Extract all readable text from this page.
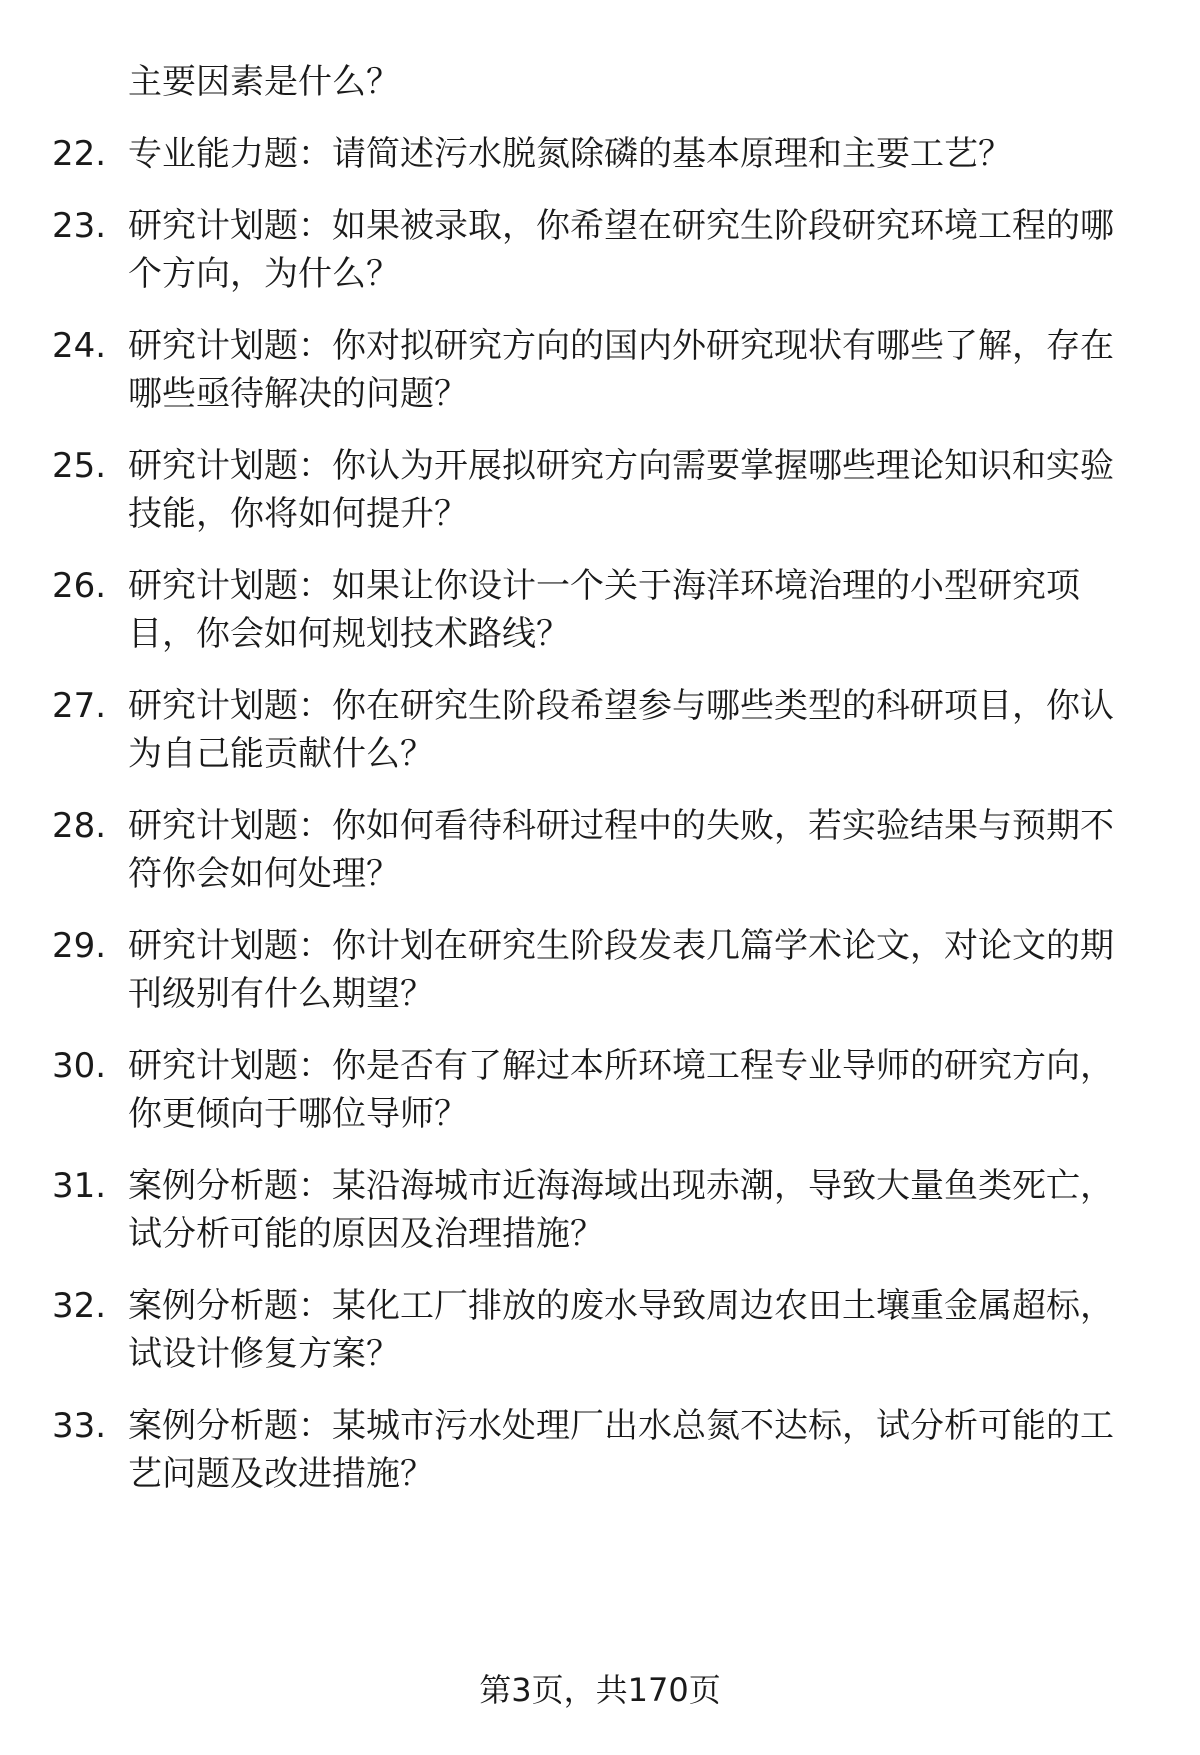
主要因素是什么？
22. 专业能力题：请简述污水脱氮除磷的基本原理和主要工艺？
23. 研究计划题：如果被录取，你希望在研究生阶段研究环境工程的哪个方向，为什么？
24. 研究计划题：你对拟研究方向的国内外研究现状有哪些了解，存在哪些亟待解决的问题？
25. 研究计划题：你认为开展拟研究方向需要掌握哪些理论知识和实验技能，你将如何提升？
26. 研究计划题：如果让你设计一个关于海洋环境治理的小型研究项目，你会如何规划技术路线？
27. 研究计划题：你在研究生阶段希望参与哪些类型的科研项目，你认为自己能贡献什么？
28. 研究计划题：你如何看待科研过程中的失败，若实验结果与预期不符你会如何处理？
29. 研究计划题：你计划在研究生阶段发表几篇学术论文，对论文的期刊级别有什么期望？
30. 研究计划题：你是否有了解过本所环境工程专业导师的研究方向，你更倾向于哪位导师？
31. 案例分析题：某沿海城市近海海域出现赤潮，导致大量鱼类死亡，试分析可能的原因及治理措施？
32. 案例分析题：某化工厂排放的废水导致周边农田土壤重金属超标，试设计修复方案？
33. 案例分析题：某城市污水处理厂出水总氮不达标，试分析可能的工艺问题及改进措施？
第3页，共170页
